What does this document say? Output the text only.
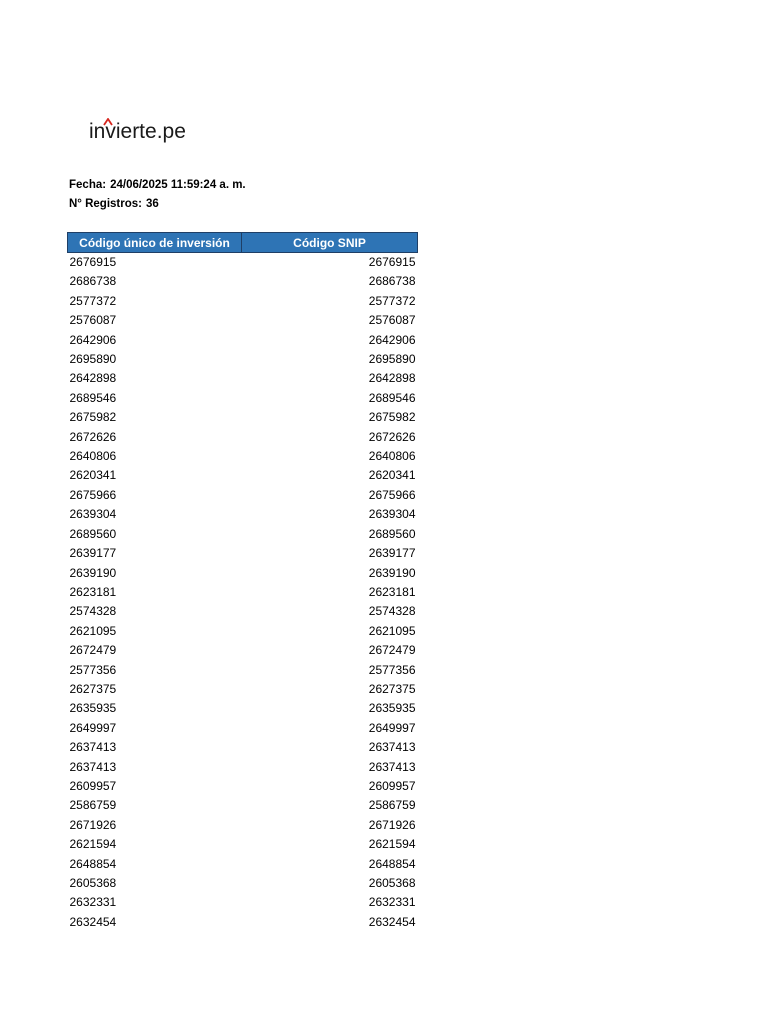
invierte.pe
Fecha: 24/06/2025 11:59:24 a. m.
N° Registros: 36
Código único de inversión	Código SNIP
2676915	2676915
2686738	2686738
2577372	2577372
2576087	2576087
2642906	2642906
2695890	2695890
2642898	2642898
2689546	2689546
2675982	2675982
2672626	2672626
2640806	2640806
2620341	2620341
2675966	2675966
2639304	2639304
2689560	2689560
2639177	2639177
2639190	2639190
2623181	2623181
2574328	2574328
2621095	2621095
2672479	2672479
2577356	2577356
2627375	2627375
2635935	2635935
2649997	2649997
2637413	2637413
2637413	2637413
2609957	2609957
2586759	2586759
2671926	2671926
2621594	2621594
2648854	2648854
2605368	2605368
2632331	2632331
2632454	2632454
